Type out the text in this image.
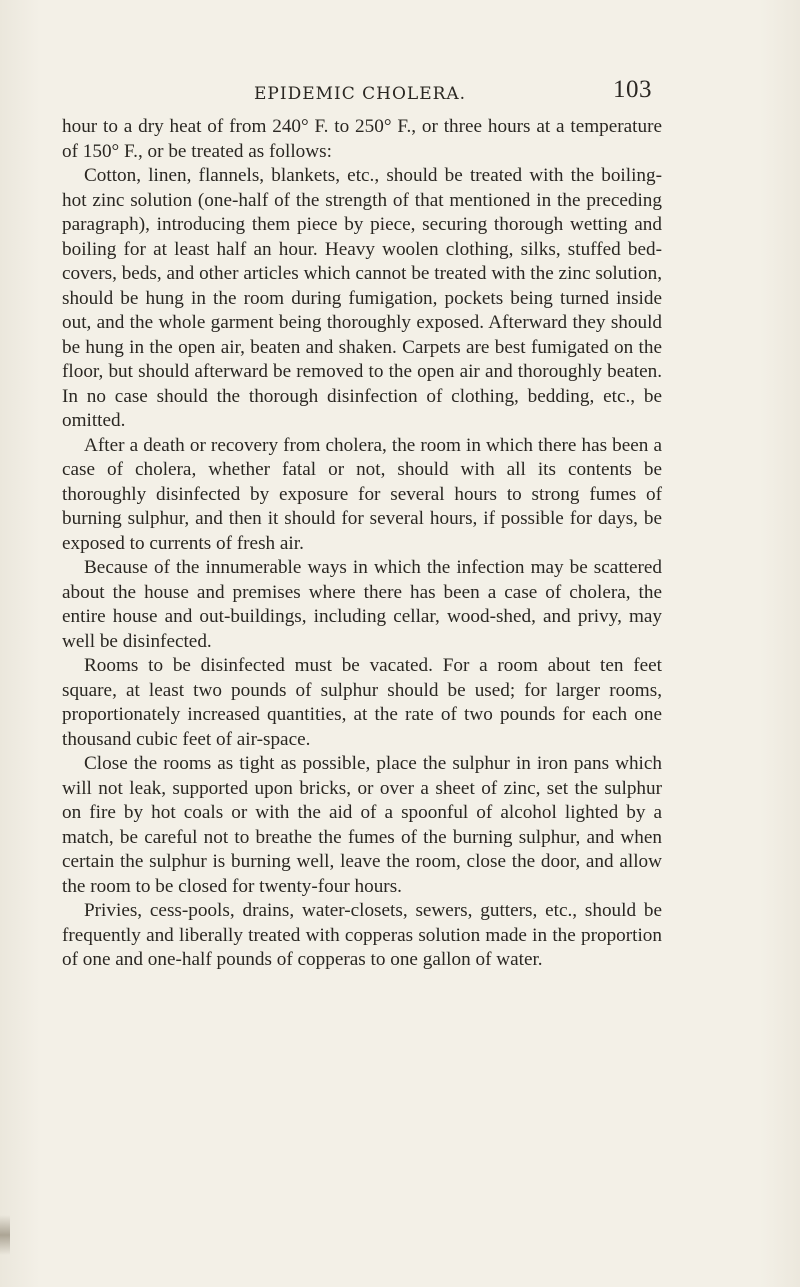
EPIDEMIC CHOLERA.	103

hour to a dry heat of from 240° F. to 250° F., or three hours at a temperature of 150° F., or be treated as follows:

Cotton, linen, flannels, blankets, etc., should be treated with the boiling-hot zinc solution (one-half of the strength of that mentioned in the preceding paragraph), introducing them piece by piece, securing thorough wetting and boiling for at least half an hour. Heavy woolen clothing, silks, stuffed bed-covers, beds, and other articles which cannot be treated with the zinc solution, should be hung in the room during fumigation, pockets being turned inside out, and the whole garment being thoroughly exposed. Afterward they should be hung in the open air, beaten and shaken. Carpets are best fumigated on the floor, but should afterward be removed to the open air and thoroughly beaten. In no case should the thorough disinfection of clothing, bedding, etc., be omitted.

After a death or recovery from cholera, the room in which there has been a case of cholera, whether fatal or not, should with all its contents be thoroughly disinfected by exposure for several hours to strong fumes of burning sulphur, and then it should for several hours, if possible for days, be exposed to currents of fresh air.

Because of the innumerable ways in which the infection may be scattered about the house and premises where there has been a case of cholera, the entire house and out-buildings, including cellar, wood-shed, and privy, may well be disinfected.

Rooms to be disinfected must be vacated. For a room about ten feet square, at least two pounds of sulphur should be used; for larger rooms, proportionately increased quantities, at the rate of two pounds for each one thousand cubic feet of air-space.

Close the rooms as tight as possible, place the sulphur in iron pans which will not leak, supported upon bricks, or over a sheet of zinc, set the sulphur on fire by hot coals or with the aid of a spoonful of alcohol lighted by a match, be careful not to breathe the fumes of the burning sulphur, and when certain the sulphur is burning well, leave the room, close the door, and allow the room to be closed for twenty-four hours.

Privies, cess-pools, drains, water-closets, sewers, gutters, etc., should be frequently and liberally treated with copperas solution made in the proportion of one and one-half pounds of copperas to one gallon of water.
